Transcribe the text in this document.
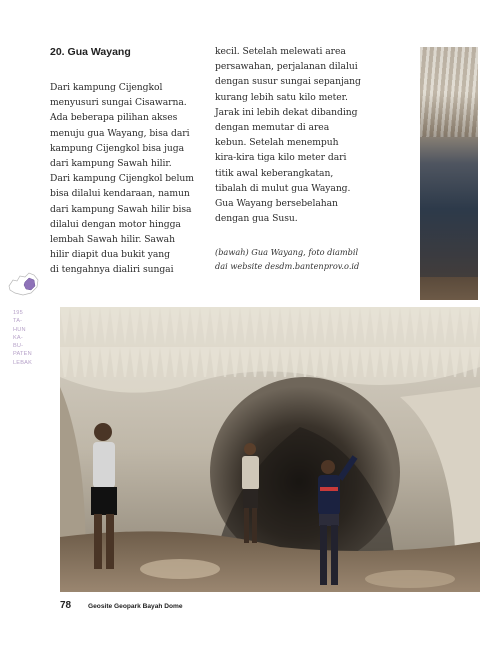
20. Gua Wayang
Dari kampung Cijengkol
menyusuri sungai Cisawarna.
Ada beberapa pilihan akses
menuju gua Wayang, bisa dari
kampung Cijengkol bisa juga
dari kampung Sawah hilir.
Dari kampung Cijengkol belum
bisa dilalui kendaraan, namun
dari kampung Sawah hilir bisa
dilalui dengan motor hingga
lembah Sawah hilir. Sawah
hilir diapit dua bukit yang
di tengahnya dialiri sungai
kecil. Setelah melewati area
persawahan, perjalanan dilalui
dengan susur sungai sepanjang
kurang lebih satu kilo meter.
Jarak ini lebih dekat dibanding
dengan memutar di area
kebun. Setelah menempuh
kira-kira tiga kilo meter dari
titik awal keberangkatan,
tibalah di mulut gua Wayang.
Gua Wayang bersebelahan
dengan gua Susu.
(bawah) Gua Wayang, foto diambil
dai website desdm.bantenprov.o.id
195
TA-
HUN
KA-
BU-
PATEN
LEBAK
78	Geosite Geopark Bayah Dome
